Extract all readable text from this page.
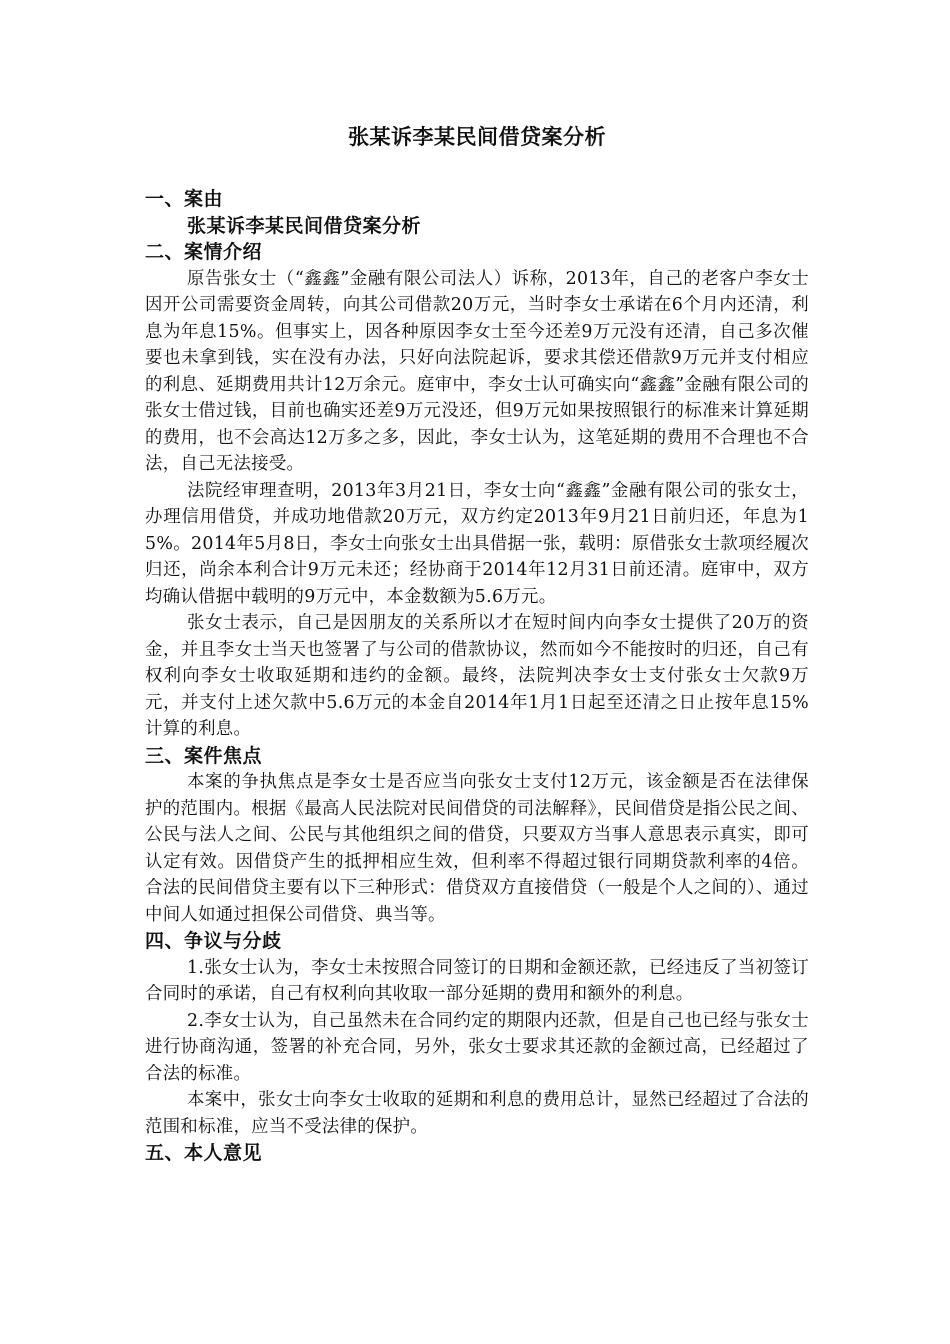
张某诉李某民间借贷案分析

一、案由

张某诉李某民间借贷案分析

二、案情介绍

原告张女士（“鑫鑫”金融有限公司法人）诉称，2013年，自己的老客户李女士因开公司需要资金周转，向其公司借款20万元，当时李女士承诺在6个月内还清，利息为年息15%。但事实上，因各种原因李女士至今还差9万元没有还清，自己多次催要也未拿到钱，实在没有办法，只好向法院起诉，要求其偿还借款9万元并支付相应的利息、延期费用共计12万余元。庭审中，李女士认可确实向“鑫鑫”金融有限公司的张女士借过钱，目前也确实还差9万元没还，但9万元如果按照银行的标准来计算延期的费用，也不会高达12万多之多，因此，李女士认为，这笔延期的费用不合理也不合法，自己无法接受。

法院经审理查明，2013年3月21日，李女士向“鑫鑫”金融有限公司的张女士，办理信用借贷，并成功地借款20万元，双方约定2013年9月21日前归还，年息为15%。2014年5月8日，李女士向张女士出具借据一张，载明：原借张女士款项经履次归还，尚余本利合计9万元未还；经协商于2014年12月31日前还清。庭审中，双方均确认借据中载明的9万元中，本金数额为5.6万元。

张女士表示，自己是因朋友的关系所以才在短时间内向李女士提供了20万的资金，并且李女士当天也签署了与公司的借款协议，然而如今不能按时的归还，自己有权利向李女士收取延期和违约的金额。最终，法院判决李女士支付张女士欠款9万元，并支付上述欠款中5.6万元的本金自2014年1月1日起至还清之日止按年息15%计算的利息。

三、案件焦点

本案的争执焦点是李女士是否应当向张女士支付12万元，该金额是否在法律保护的范围内。根据《最高人民法院对民间借贷的司法解释》，民间借贷是指公民之间、公民与法人之间、公民与其他组织之间的借贷，只要双方当事人意思表示真实，即可认定有效。因借贷产生的抵押相应生效，但利率不得超过银行同期贷款利率的4倍。合法的民间借贷主要有以下三种形式：借贷双方直接借贷（一般是个人之间的）、通过中间人如通过担保公司借贷、典当等。

四、争议与分歧

1.张女士认为，李女士未按照合同签订的日期和金额还款，已经违反了当初签订合同时的承诺，自己有权利向其收取一部分延期的费用和额外的利息。

2.李女士认为，自己虽然未在合同约定的期限内还款，但是自己也已经与张女士进行协商沟通，签署的补充合同，另外，张女士要求其还款的金额过高，已经超过了合法的标准。

本案中，张女士向李女士收取的延期和利息的费用总计，显然已经超过了合法的范围和标准，应当不受法律的保护。

五、本人意见
